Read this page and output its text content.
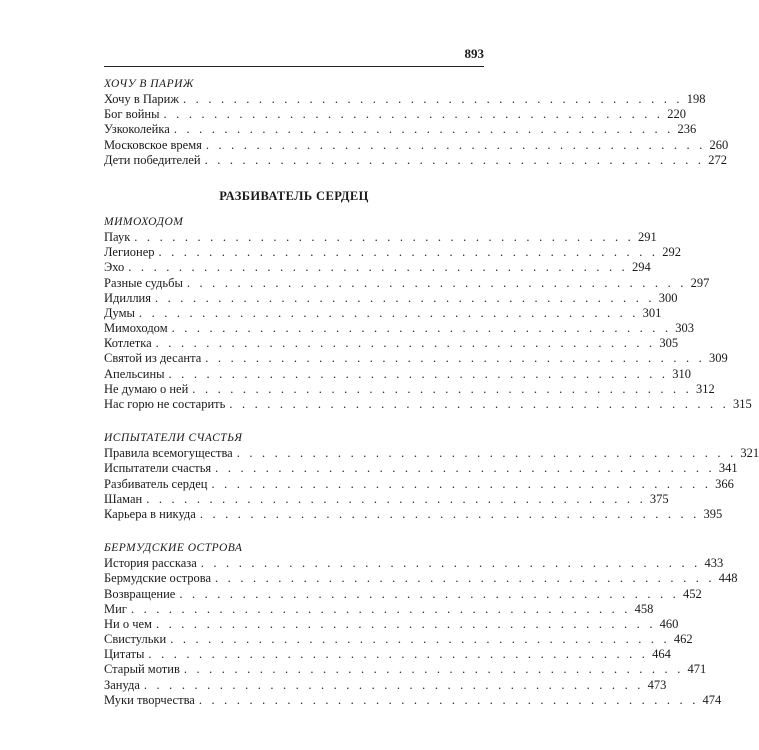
893
ХОЧУ В ПАРИЖ
Хочу в Париж . . . . . . . . . . . . . . . . . . . . . . . . . . . . . . . . . . . . . . . . 198
Бог войны . . . . . . . . . . . . . . . . . . . . . . . . . . . . . . . . . . . . . . . . 220
Узкоколейка . . . . . . . . . . . . . . . . . . . . . . . . . . . . . . . . . . . . . . . . 236
Московское время . . . . . . . . . . . . . . . . . . . . . . . . . . . . . . . . . . . . . . . . 260
Дети победителей . . . . . . . . . . . . . . . . . . . . . . . . . . . . . . . . . . . . . . . . 272
РАЗБИВАТЕЛЬ СЕРДЕЦ
МИМОХОДОМ
Паук . . . . . . . . . . . . . . . . . . . . . . . . . . . . . . . . . . . . . . . . 291
Легионер . . . . . . . . . . . . . . . . . . . . . . . . . . . . . . . . . . . . . . . . 292
Эхо . . . . . . . . . . . . . . . . . . . . . . . . . . . . . . . . . . . . . . . . 294
Разные судьбы . . . . . . . . . . . . . . . . . . . . . . . . . . . . . . . . . . . . . . . . 297
Идиллия . . . . . . . . . . . . . . . . . . . . . . . . . . . . . . . . . . . . . . . . 300
Думы . . . . . . . . . . . . . . . . . . . . . . . . . . . . . . . . . . . . . . . . 301
Мимоходом . . . . . . . . . . . . . . . . . . . . . . . . . . . . . . . . . . . . . . . . 303
Котлетка . . . . . . . . . . . . . . . . . . . . . . . . . . . . . . . . . . . . . . . . 305
Святой из десанта . . . . . . . . . . . . . . . . . . . . . . . . . . . . . . . . . . . . . . . . 309
Апельсины . . . . . . . . . . . . . . . . . . . . . . . . . . . . . . . . . . . . . . . . 310
Не думаю о ней . . . . . . . . . . . . . . . . . . . . . . . . . . . . . . . . . . . . . . . . 312
Нас горю не состарить . . . . . . . . . . . . . . . . . . . . . . . . . . . . . . . . . . . . . . . . 315
ИСПЫТАТЕЛИ СЧАСТЬЯ
Правила всемогущества . . . . . . . . . . . . . . . . . . . . . . . . . . . . . . . . . . . . . . . . 321
Испытатели счастья . . . . . . . . . . . . . . . . . . . . . . . . . . . . . . . . . . . . . . . . 341
Разбиватель сердец . . . . . . . . . . . . . . . . . . . . . . . . . . . . . . . . . . . . . . . . 366
Шаман . . . . . . . . . . . . . . . . . . . . . . . . . . . . . . . . . . . . . . . . 375
Карьера в никуда . . . . . . . . . . . . . . . . . . . . . . . . . . . . . . . . . . . . . . . . 395
БЕРМУДСКИЕ ОСТРОВА
История рассказа . . . . . . . . . . . . . . . . . . . . . . . . . . . . . . . . . . . . . . . . 433
Бермудские острова . . . . . . . . . . . . . . . . . . . . . . . . . . . . . . . . . . . . . . . . 448
Возвращение . . . . . . . . . . . . . . . . . . . . . . . . . . . . . . . . . . . . . . . . 452
Миг . . . . . . . . . . . . . . . . . . . . . . . . . . . . . . . . . . . . . . . . 458
Ни о чем . . . . . . . . . . . . . . . . . . . . . . . . . . . . . . . . . . . . . . . . 460
Свистульки . . . . . . . . . . . . . . . . . . . . . . . . . . . . . . . . . . . . . . . . 462
Цитаты . . . . . . . . . . . . . . . . . . . . . . . . . . . . . . . . . . . . . . . . 464
Старый мотив . . . . . . . . . . . . . . . . . . . . . . . . . . . . . . . . . . . . . . . . 471
Зануда . . . . . . . . . . . . . . . . . . . . . . . . . . . . . . . . . . . . . . . . 473
Муки творчества . . . . . . . . . . . . . . . . . . . . . . . . . . . . . . . . . . . . . . . . 474
